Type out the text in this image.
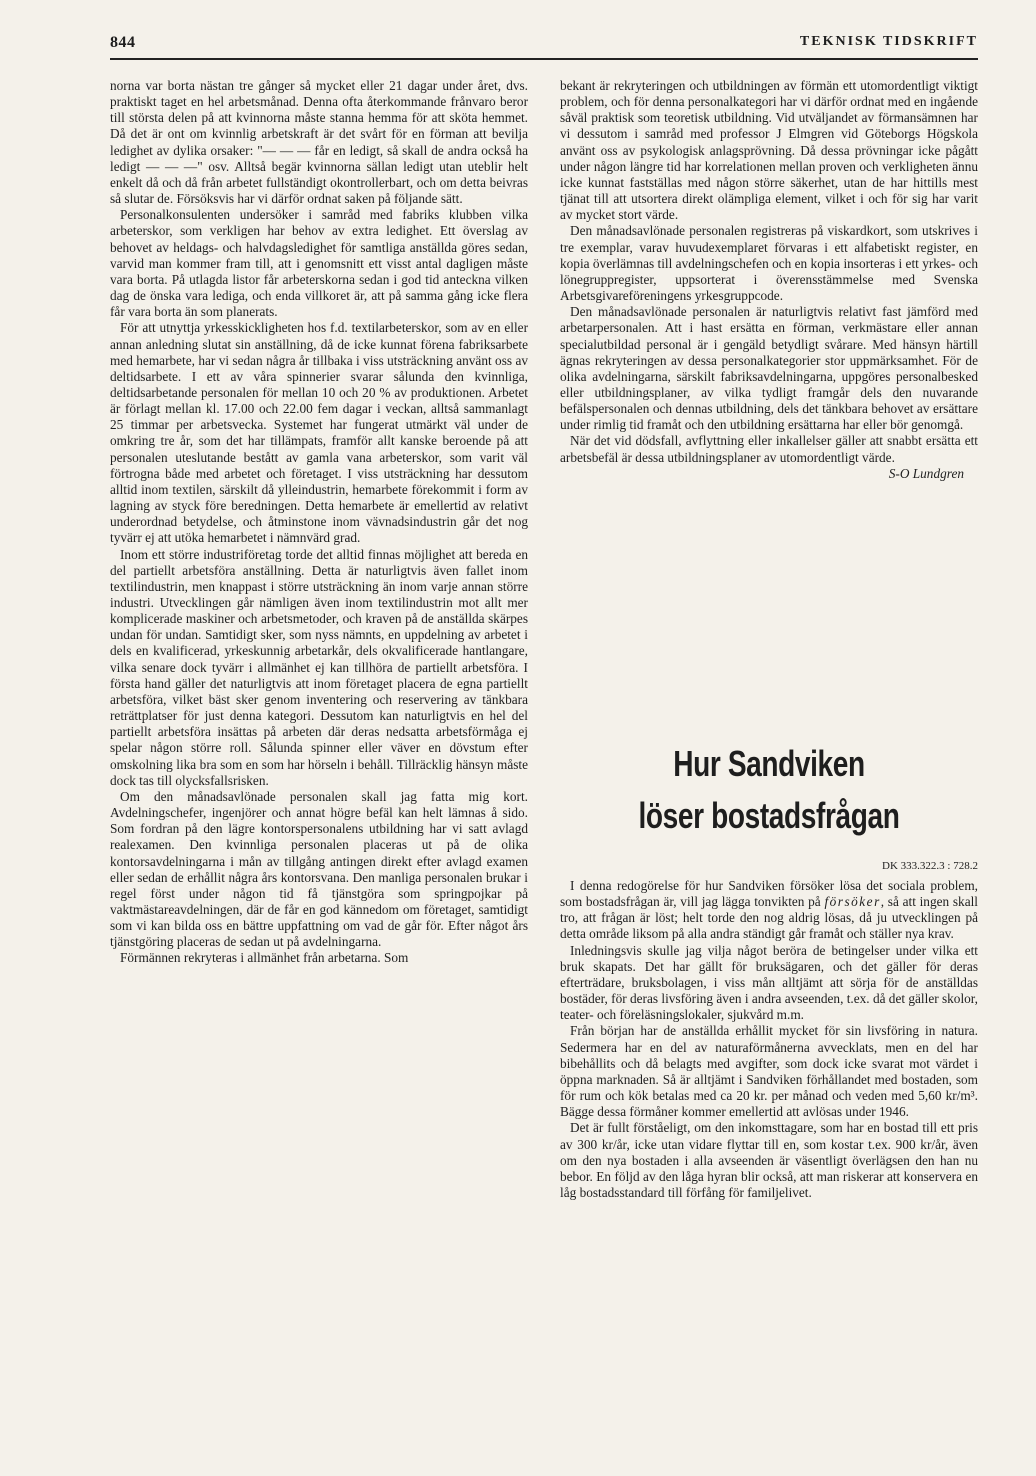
844	TEKNISK TIDSKRIFT

norna var borta nästan tre gånger så mycket eller 21 dagar under året, dvs. praktiskt taget en hel arbetsmånad. Denna ofta återkommande frånvaro beror till största delen på att kvinnorna måste stanna hemma för att sköta hemmet. Då det är ont om kvinnlig arbetskraft är det svårt för en förman att bevilja ledighet av dylika orsaker: "— — — får en ledigt, så skall de andra också ha ledigt — — —" osv. Alltså begär kvinnorna sällan ledigt utan uteblir helt enkelt då och då från arbetet fullständigt okontrollerbart, och om detta beivras så slutar de. Försöksvis har vi därför ordnat saken på följande sätt.

Personalkonsulenten undersöker i samråd med fabriks klubben vilka arbeterskor, som verkligen har behov av extra ledighet. Ett överslag av behovet av heldags- och halvdagsledighet för samtliga anställda göres sedan, varvid man kommer fram till, att i genomsnitt ett visst antal dagligen måste vara borta. På utlagda listor får arbeterskorna sedan i god tid anteckna vilken dag de önska vara lediga, och enda villkoret är, att på samma gång icke flera får vara borta än som planerats.

För att utnyttja yrkesskickligheten hos f.d. textilarbeterskor, som av en eller annan anledning slutat sin anställning, då de icke kunnat förena fabriksarbete med hemarbete, har vi sedan några år tillbaka i viss utsträckning använt oss av deltidsarbete. I ett av våra spinnerier svarar sålunda den kvinnliga, deltidsarbetande personalen för mellan 10 och 20 % av produktionen. Arbetet är förlagt mellan kl. 17.00 och 22.00 fem dagar i veckan, alltså sammanlagt 25 timmar per arbetsvecka. Systemet har fungerat utmärkt väl under de omkring tre år, som det har tillämpats, framför allt kanske beroende på att personalen uteslutande bestått av gamla vana arbeterskor, som varit väl förtrogna både med arbetet och företaget. I viss utsträckning har dessutom alltid inom textilen, särskilt då ylleindustrin, hemarbete förekommit i form av lagning av styck före beredningen. Detta hemarbete är emellertid av relativt underordnad betydelse, och åtminstone inom vävnadsindustrin går det nog tyvärr ej att utöka hemarbetet i nämnvärd grad.

Inom ett större industriföretag torde det alltid finnas möjlighet att bereda en del partiellt arbetsföra anställning. Detta är naturligtvis även fallet inom textilindustrin, men knappast i större utsträckning än inom varje annan större industri. Utvecklingen går nämligen även inom textilindustrin mot allt mer komplicerade maskiner och arbetsmetoder, och kraven på de anställda skärpes undan för undan. Samtidigt sker, som nyss nämnts, en uppdelning av arbetet i dels en kvalificerad, yrkeskunnig arbetarkår, dels okvalificerade hantlangare, vilka senare dock tyvärr i allmänhet ej kan tillhöra de partiellt arbetsföra. I första hand gäller det naturligtvis att inom företaget placera de egna partiellt arbetsföra, vilket bäst sker genom inventering och reservering av tänkbara reträttplatser för just denna kategori. Dessutom kan naturligtvis en hel del partiellt arbetsföra insättas på arbeten där deras nedsatta arbetsförmåga ej spelar någon större roll. Sålunda spinner eller väver en dövstum efter omskolning lika bra som en som har hörseln i behåll. Tillräcklig hänsyn måste dock tas till olycksfallsrisken.

Om den månadsavlönade personalen skall jag fatta mig kort. Avdelningschefer, ingenjörer och annat högre befäl kan helt lämnas å sido. Som fordran på den lägre kontorspersonalens utbildning har vi satt avlagd realexamen. Den kvinnliga personalen placeras ut på de olika kontorsavdelningarna i mån av tillgång antingen direkt efter avlagd examen eller sedan de erhållit några års kontorsvana. Den manliga personalen brukar i regel först under någon tid få tjänstgöra som springpojkar på vaktmästareavdelningen, där de får en god kännedom om företaget, samtidigt som vi kan bilda oss en bättre uppfattning om vad de går för. Efter något års tjänstgöring placeras de sedan ut på avdelningarna.

Förmännen rekryteras i allmänhet från arbetarna. Som

bekant är rekryteringen och utbildningen av förmän ett utomordentligt viktigt problem, och för denna personalkategori har vi därför ordnat med en ingående såväl praktisk som teoretisk utbildning. Vid utväljandet av förmansämnen har vi dessutom i samråd med professor J Elmgren vid Göteborgs Högskola använt oss av psykologisk anlagsprövning. Då dessa prövningar icke pågått under någon längre tid har korrelationen mellan proven och verkligheten ännu icke kunnat fastställas med någon större säkerhet, utan de har hittills mest tjänat till att utsortera direkt olämpliga element, vilket i och för sig har varit av mycket stort värde.

Den månadsavlönade personalen registreras på viskardkort, som utskrives i tre exemplar, varav huvudexemplaret förvaras i ett alfabetiskt register, en kopia överlämnas till avdelningschefen och en kopia insorteras i ett yrkes- och lönegruppregister, uppsorterat i överensstämmelse med Svenska Arbetsgivareföreningens yrkesgruppcode.

Den månadsavlönade personalen är naturligtvis relativt fast jämförd med arbetarpersonalen. Att i hast ersätta en förman, verkmästare eller annan specialutbildad personal är i gengäld betydligt svårare. Med hänsyn härtill ägnas rekryteringen av dessa personalkategorier stor uppmärksamhet. För de olika avdelningarna, särskilt fabriksavdelningarna, uppgöres personalbesked eller utbildningsplaner, av vilka tydligt framgår dels den nuvarande befälspersonalen och dennas utbildning, dels det tänkbara behovet av ersättare under rimlig tid framåt och den utbildning ersättarna har eller bör genomgå.

När det vid dödsfall, avflyttning eller inkallelser gäller att snabbt ersätta ett arbetsbefäl är dessa utbildningsplaner av utomordentligt värde.
S-O Lundgren

Hur Sandviken
löser bostadsfrågan
DK 333.322.3 : 728.2

I denna redogörelse för hur Sandviken försöker lösa det sociala problem, som bostadsfrågan är, vill jag lägga tonvikten på försöker, så att ingen skall tro, att frågan är löst; helt torde den nog aldrig lösas, då ju utvecklingen på detta område liksom på alla andra ständigt går framåt och ställer nya krav.

Inledningsvis skulle jag vilja något beröra de betingelser under vilka ett bruk skapats. Det har gällt för bruksägaren, och det gäller för deras efterträdare, bruksbolagen, i viss mån alltjämt att sörja för de anställdas bostäder, för deras livsföring även i andra avseenden, t.ex. då det gäller skolor, teater- och föreläsningslokaler, sjukvård m.m.

Från början har de anställda erhållit mycket för sin livsföring in natura. Sedermera har en del av naturaförmånerna avvecklats, men en del har bibehållits och då belagts med avgifter, som dock icke svarat mot värdet i öppna marknaden. Så är alltjämt i Sandviken förhållandet med bostaden, som för rum och kök betalas med ca 20 kr. per månad och veden med 5,60 kr/m³. Bägge dessa förmåner kommer emellertid att avlösas under 1946.

Det är fullt förståeligt, om den inkomsttagare, som har en bostad till ett pris av 300 kr/år, icke utan vidare flyttar till en, som kostar t.ex. 900 kr/år, även om den nya bostaden i alla avseenden är väsentligt överlägsen den han nu bebor. En följd av den låga hyran blir också, att man riskerar att konservera en låg bostadsstandard till förfång för familjelivet.
